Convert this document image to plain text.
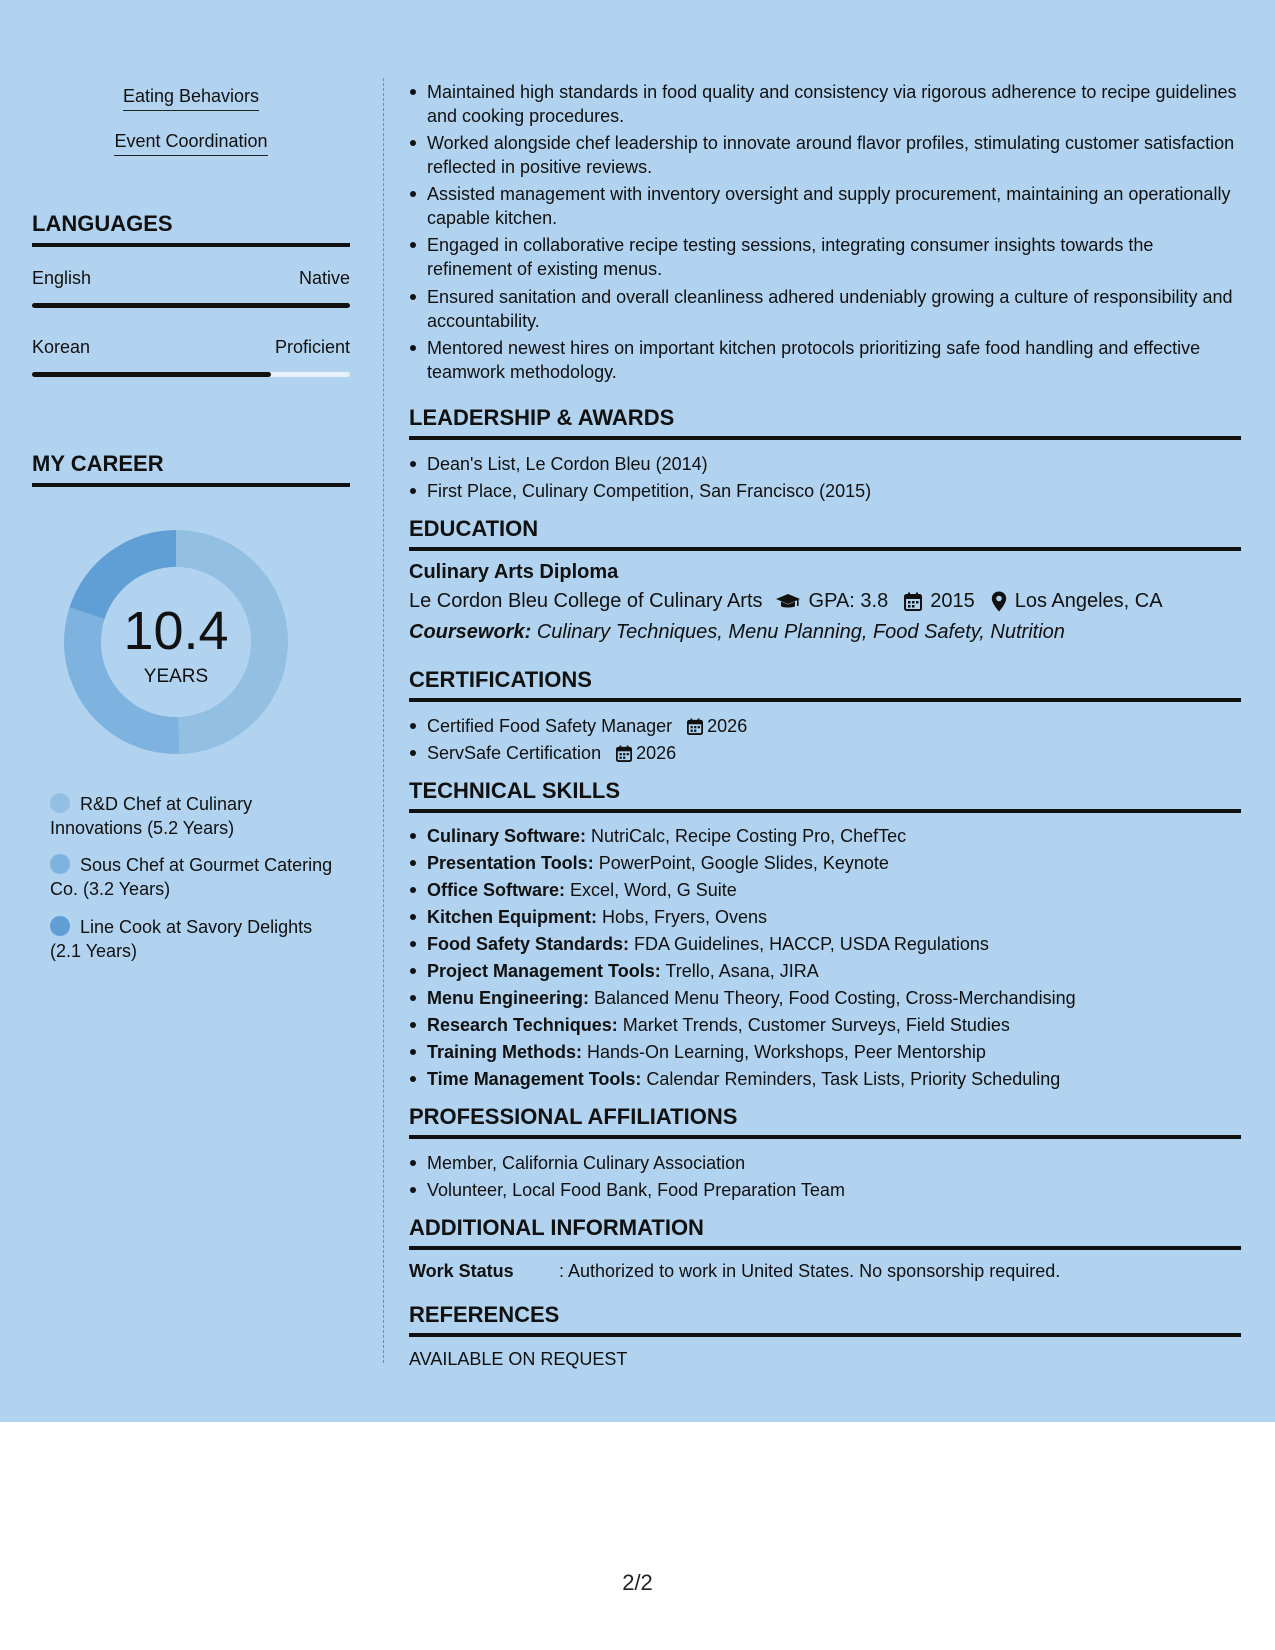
Eating Behaviors
Event Coordination
LANGUAGES
English	Native
Korean	Proficient
MY CAREER
10.4
YEARS
R&D Chef at Culinary Innovations (5.2 Years)
Sous Chef at Gourmet Catering Co. (3.2 Years)
Line Cook at Savory Delights (2.1 Years)
Maintained high standards in food quality and consistency via rigorous adherence to recipe guidelines and cooking procedures.
Worked alongside chef leadership to innovate around flavor profiles, stimulating customer satisfaction reflected in positive reviews.
Assisted management with inventory oversight and supply procurement, maintaining an operationally capable kitchen.
Engaged in collaborative recipe testing sessions, integrating consumer insights towards the refinement of existing menus.
Ensured sanitation and overall cleanliness adhered undeniably growing a culture of responsibility and accountability.
Mentored newest hires on important kitchen protocols prioritizing safe food handling and effective teamwork methodology.
LEADERSHIP & AWARDS
Dean's List, Le Cordon Bleu (2014)
First Place, Culinary Competition, San Francisco (2015)
EDUCATION
Culinary Arts Diploma
Le Cordon Bleu College of Culinary Arts GPA: 3.8 2015 Los Angeles, CA
Coursework: Culinary Techniques, Menu Planning, Food Safety, Nutrition
CERTIFICATIONS
Certified Food Safety Manager 2026
ServSafe Certification 2026
TECHNICAL SKILLS
Culinary Software: NutriCalc, Recipe Costing Pro, ChefTec
Presentation Tools: PowerPoint, Google Slides, Keynote
Office Software: Excel, Word, G Suite
Kitchen Equipment: Hobs, Fryers, Ovens
Food Safety Standards: FDA Guidelines, HACCP, USDA Regulations
Project Management Tools: Trello, Asana, JIRA
Menu Engineering: Balanced Menu Theory, Food Costing, Cross-Merchandising
Research Techniques: Market Trends, Customer Surveys, Field Studies
Training Methods: Hands-On Learning, Workshops, Peer Mentorship
Time Management Tools: Calendar Reminders, Task Lists, Priority Scheduling
PROFESSIONAL AFFILIATIONS
Member, California Culinary Association
Volunteer, Local Food Bank, Food Preparation Team
ADDITIONAL INFORMATION
Work Status	: Authorized to work in United States. No sponsorship required.
REFERENCES
AVAILABLE ON REQUEST
2/2
